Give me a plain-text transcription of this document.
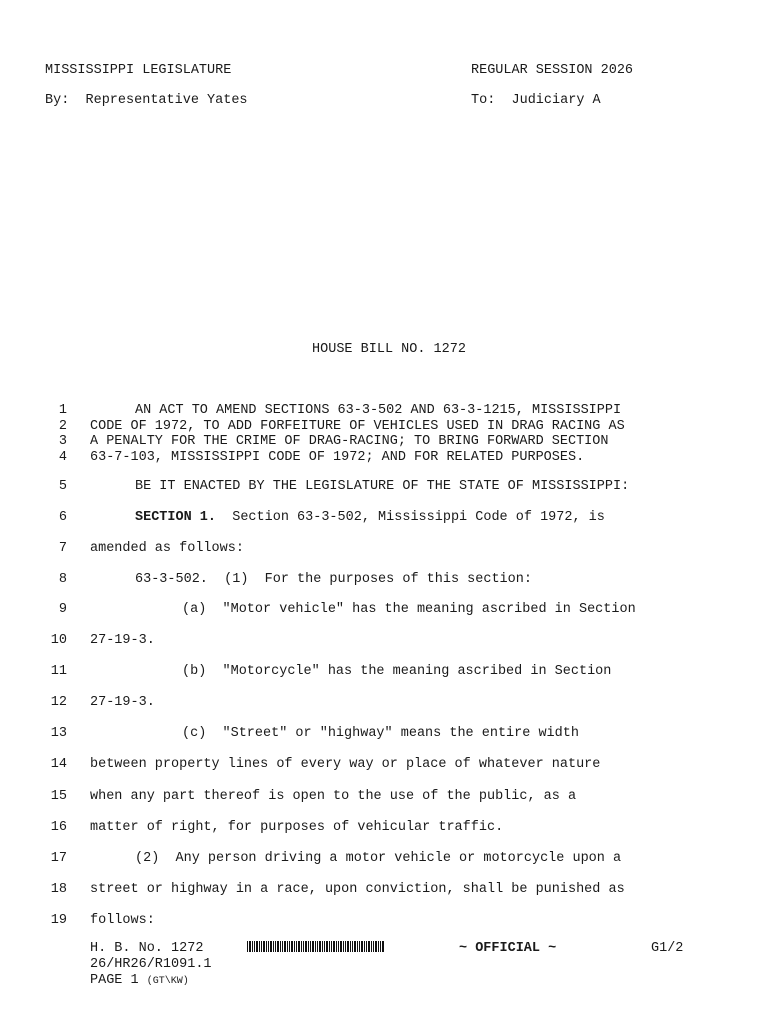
MISSISSIPPI LEGISLATURE	REGULAR SESSION 2026
By:  Representative Yates	To:  Judiciary A
HOUSE BILL NO. 1272
1	AN ACT TO AMEND SECTIONS 63-3-502 AND 63-3-1215, MISSISSIPPI
2 CODE OF 1972, TO ADD FORFEITURE OF VEHICLES USED IN DRAG RACING AS
3 A PENALTY FOR THE CRIME OF DRAG-RACING; TO BRING FORWARD SECTION
4 63-7-103, MISSISSIPPI CODE OF 1972; AND FOR RELATED PURPOSES.
5	BE IT ENACTED BY THE LEGISLATURE OF THE STATE OF MISSISSIPPI:
6	SECTION 1.  Section 63-3-502, Mississippi Code of 1972, is
7 amended as follows:
8	63-3-502.  (1)  For the purposes of this section:
9	(a)  "Motor vehicle" has the meaning ascribed in Section
10 27-19-3.
11	(b)  "Motorcycle" has the meaning ascribed in Section
12 27-19-3.
13	(c)  "Street" or "highway" means the entire width
14 between property lines of every way or place of whatever nature
15 when any part thereof is open to the use of the public, as a
16 matter of right, for purposes of vehicular traffic.
17	(2)  Any person driving a motor vehicle or motorcycle upon a
18 street or highway in a race, upon conviction, shall be punished as
19 follows:
H. B. No. 1272	~ OFFICIAL ~	G1/2
26/HR26/R1091.1
PAGE 1 (GT\KW)
